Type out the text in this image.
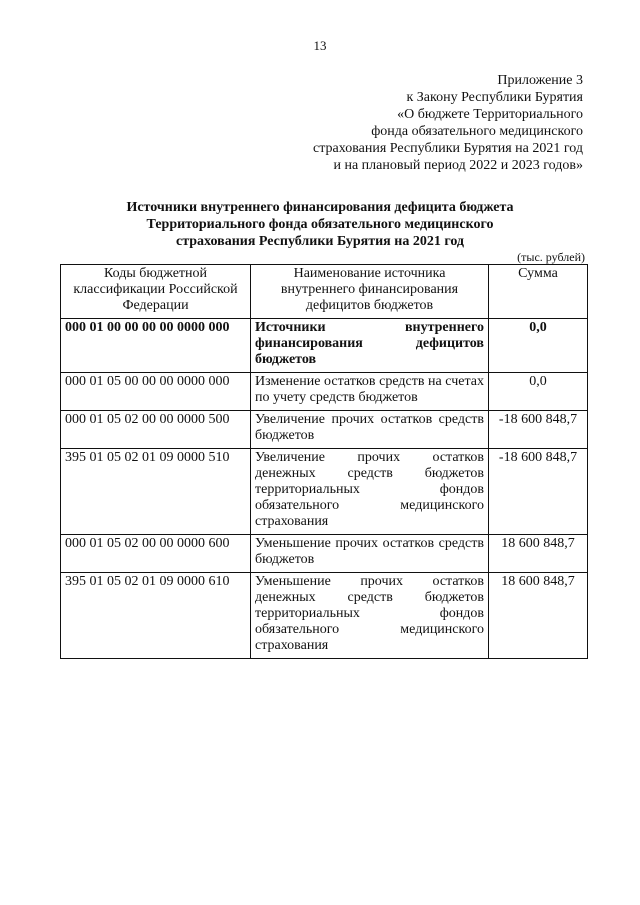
13
Приложение 3
к Закону Республики Бурятия
«О бюджете Территориального
фонда обязательного медицинского
страхования Республики Бурятия на 2021 год
и на плановый период 2022 и 2023 годов»
Источники внутреннего финансирования дефицита бюджета
Территориального фонда обязательного медицинского
страхования Республики Бурятия на 2021 год
(тыс. рублей)
Коды бюджетной классификации Российской Федерации	Наименование источника внутреннего финансирования дефицитов бюджетов	Сумма
000 01 00 00 00 00 0000 000	Источники внутреннего финансирования дефицитов бюджетов	0,0
000 01 05 00 00 00 0000 000	Изменение остатков средств на счетах по учету средств бюджетов	0,0
000 01 05 02 00 00 0000 500	Увеличение прочих остатков средств бюджетов	-18 600 848,7
395 01 05 02 01 09 0000 510	Увеличение прочих остатков денежных средств бюджетов территориальных фондов обязательного медицинского страхования	-18 600 848,7
000 01 05 02 00 00 0000 600	Уменьшение прочих остатков средств бюджетов	18 600 848,7
395 01 05 02 01 09 0000 610	Уменьшение прочих остатков денежных средств бюджетов территориальных фондов обязательного медицинского страхования	18 600 848,7
